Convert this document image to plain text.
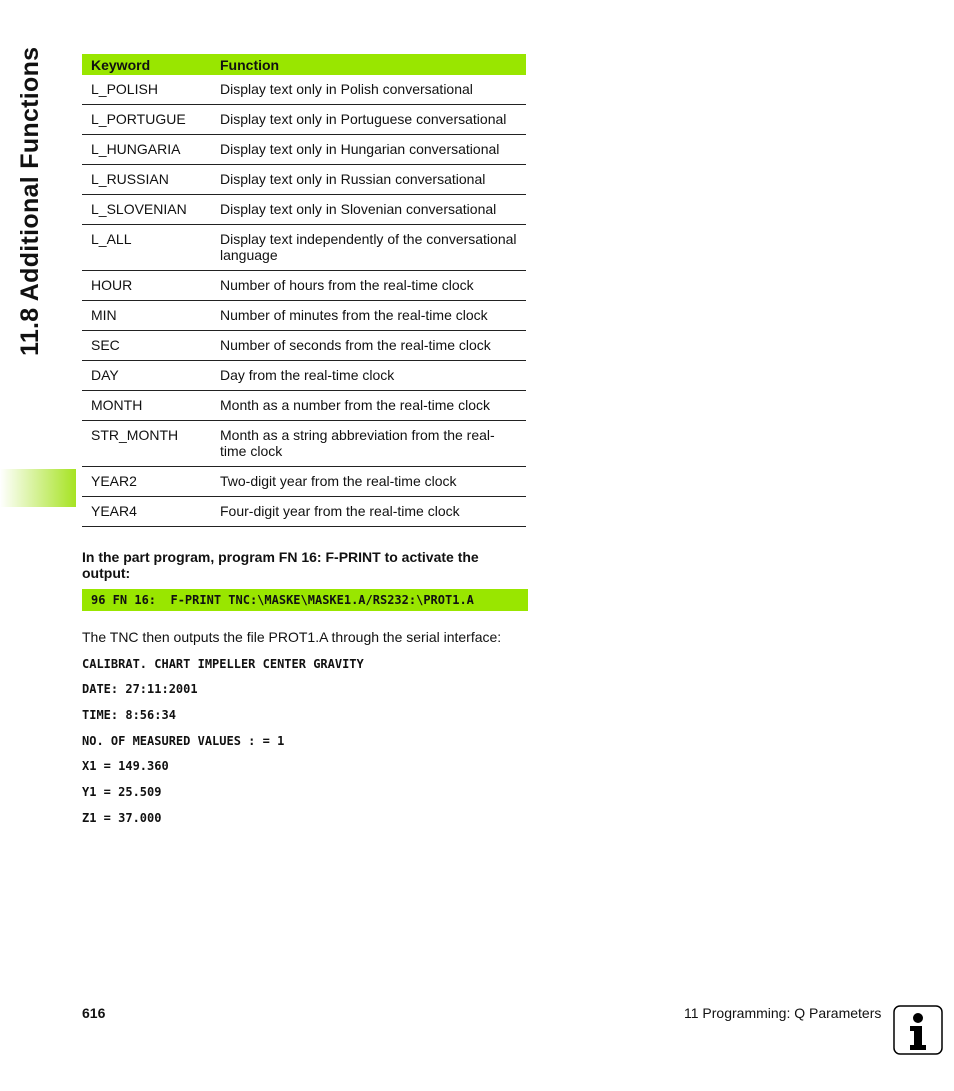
11.8 Additional Functions	Keyword	Function
L_POLISH	Display text only in Polish conversational
L_PORTUGUE	Display text only in Portuguese conversational
L_HUNGARIA	Display text only in Hungarian conversational
L_RUSSIAN	Display text only in Russian conversational
L_SLOVENIAN	Display text only in Slovenian conversational
L_ALL	Display text independently of the conversational language
HOUR	Number of hours from the real-time clock
MIN	Number of minutes from the real-time clock
SEC	Number of seconds from the real-time clock
DAY	Day from the real-time clock
MONTH	Month as a number from the real-time clock
STR_MONTH	Month as a string abbreviation from the real-time clock
YEAR2	Two-digit year from the real-time clock
YEAR4	Four-digit year from the real-time clock
In the part program, program FN 16: F-PRINT to activate the output:
96 FN 16:  F-PRINT TNC:\MASKE\MASKE1.A/RS232:\PROT1.A
The TNC then outputs the file PROT1.A through the serial interface:
CALIBRAT. CHART IMPELLER CENTER GRAVITY
DATE: 27:11:2001
TIME: 8:56:34
NO. OF MEASURED VALUES : = 1
X1 = 149.360
Y1 = 25.509
Z1 = 37.000
616	11 Programming: Q Parameters
